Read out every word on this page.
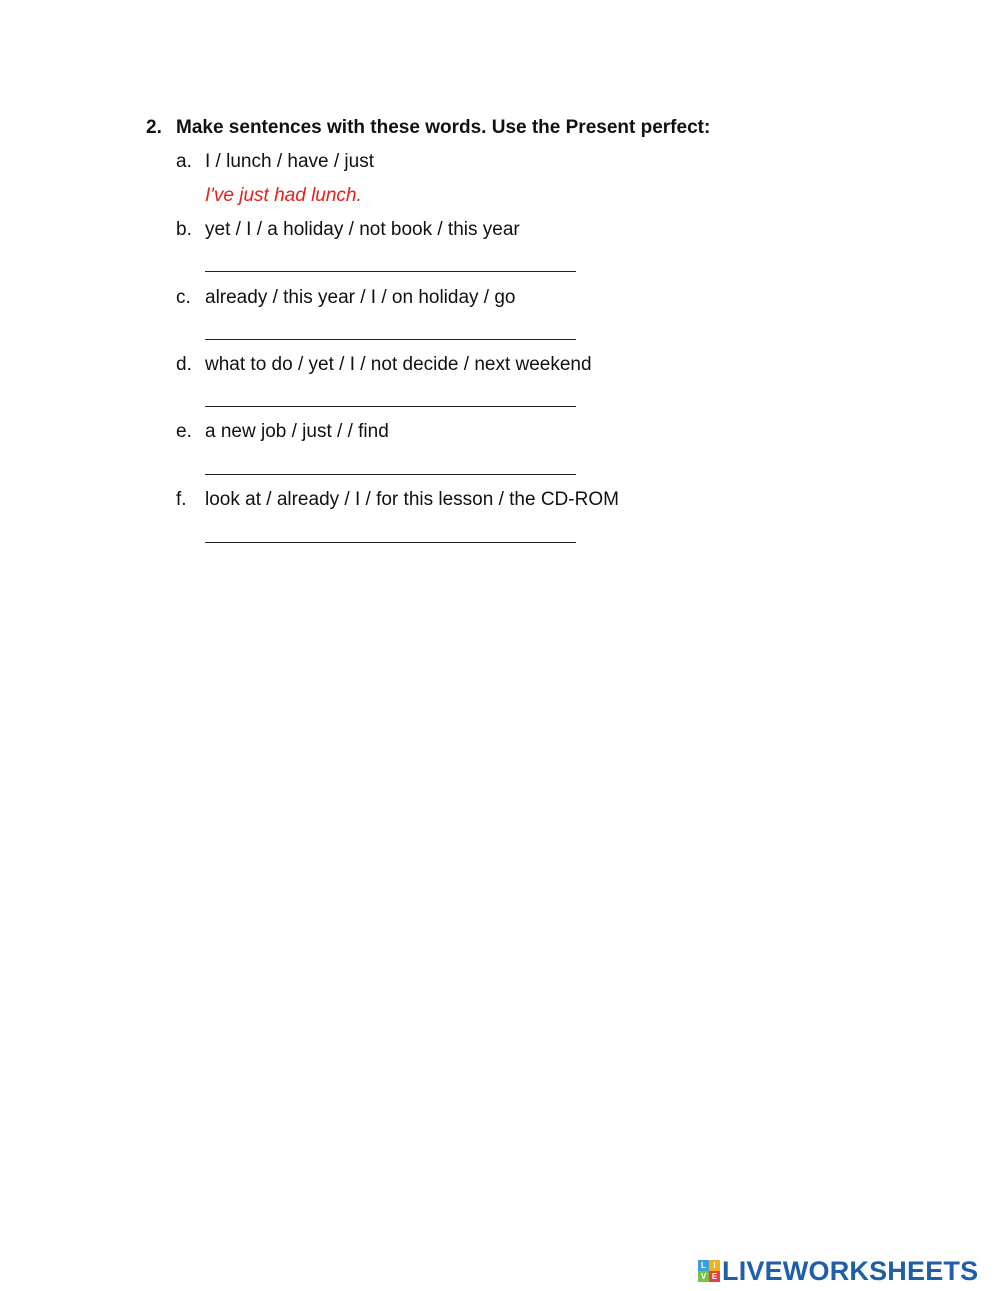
2. Make sentences with these words. Use the Present perfect:
a. I / lunch / have / just
I've just had lunch.
b. yet / I / a holiday / not book / this year
c. already / this year / I / on holiday / go
d. what to do / yet / I / not decide / next weekend
e. a new job / just / / find
f. look at / already / I / for this lesson / the CD-ROM
L I
V E LIVEWORKSHEETS
